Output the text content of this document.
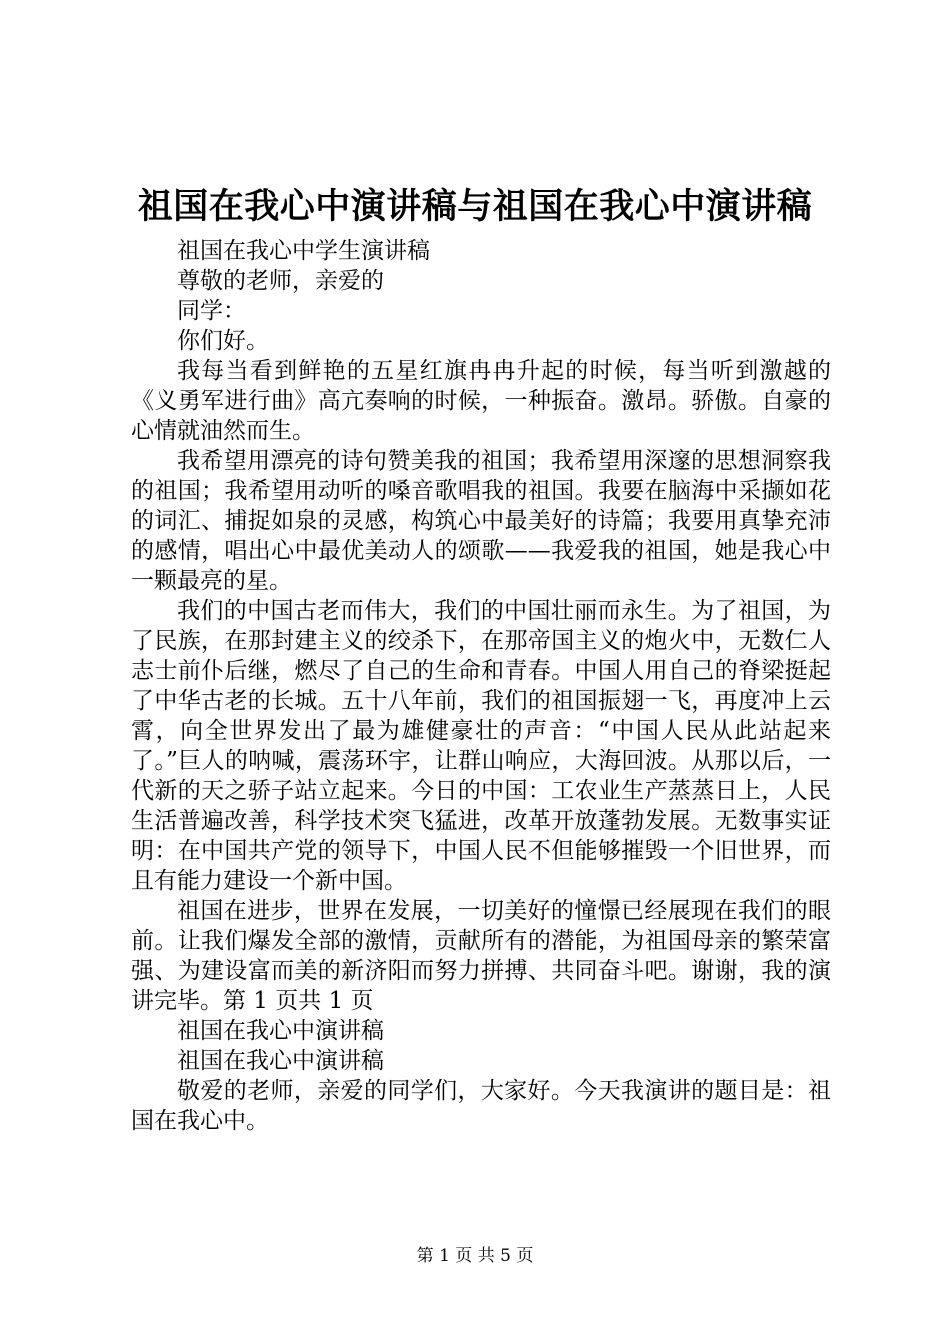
祖国在我心中演讲稿与祖国在我心中演讲稿

祖国在我心中学生演讲稿

尊敬的老师，亲爱的

同学：

你们好。

我每当看到鲜艳的五星红旗冉冉升起的时候，每当听到激越的《义勇军进行曲》高亢奏响的时候，一种振奋。激昂。骄傲。自豪的心情就油然而生。

我希望用漂亮的诗句赞美我的祖国；我希望用深邃的思想洞察我的祖国；我希望用动听的嗓音歌唱我的祖国。我要在脑海中采撷如花的词汇、捕捉如泉的灵感，构筑心中最美好的诗篇；我要用真挚充沛的感情，唱出心中最优美动人的颂歌——我爱我的祖国，她是我心中一颗最亮的星。

我们的中国古老而伟大，我们的中国壮丽而永生。为了祖国，为了民族，在那封建主义的绞杀下，在那帝国主义的炮火中，无数仁人志士前仆后继，燃尽了自己的生命和青春。中国人用自己的脊梁挺起了中华古老的长城。五十八年前，我们的祖国振翅一飞，再度冲上云霄，向全世界发出了最为雄健豪壮的声音：“中国人民从此站起来了。”巨人的呐喊，震荡环宇，让群山响应，大海回波。从那以后，一代新的天之骄子站立起来。今日的中国：工农业生产蒸蒸日上，人民生活普遍改善，科学技术突飞猛进，改革开放蓬勃发展。无数事实证明：在中国共产党的领导下，中国人民不但能够摧毁一个旧世界，而且有能力建设一个新中国。

祖国在进步，世界在发展，一切美好的憧憬已经展现在我们的眼前。让我们爆发全部的激情，贡献所有的潜能，为祖国母亲的繁荣富强、为建设富而美的新济阳而努力拼搏、共同奋斗吧。谢谢，我的演讲完毕。第 1 页共 1 页

祖国在我心中演讲稿

祖国在我心中演讲稿

敬爱的老师，亲爱的同学们，大家好。今天我演讲的题目是：祖国在我心中。

第 1 页 共 5 页
